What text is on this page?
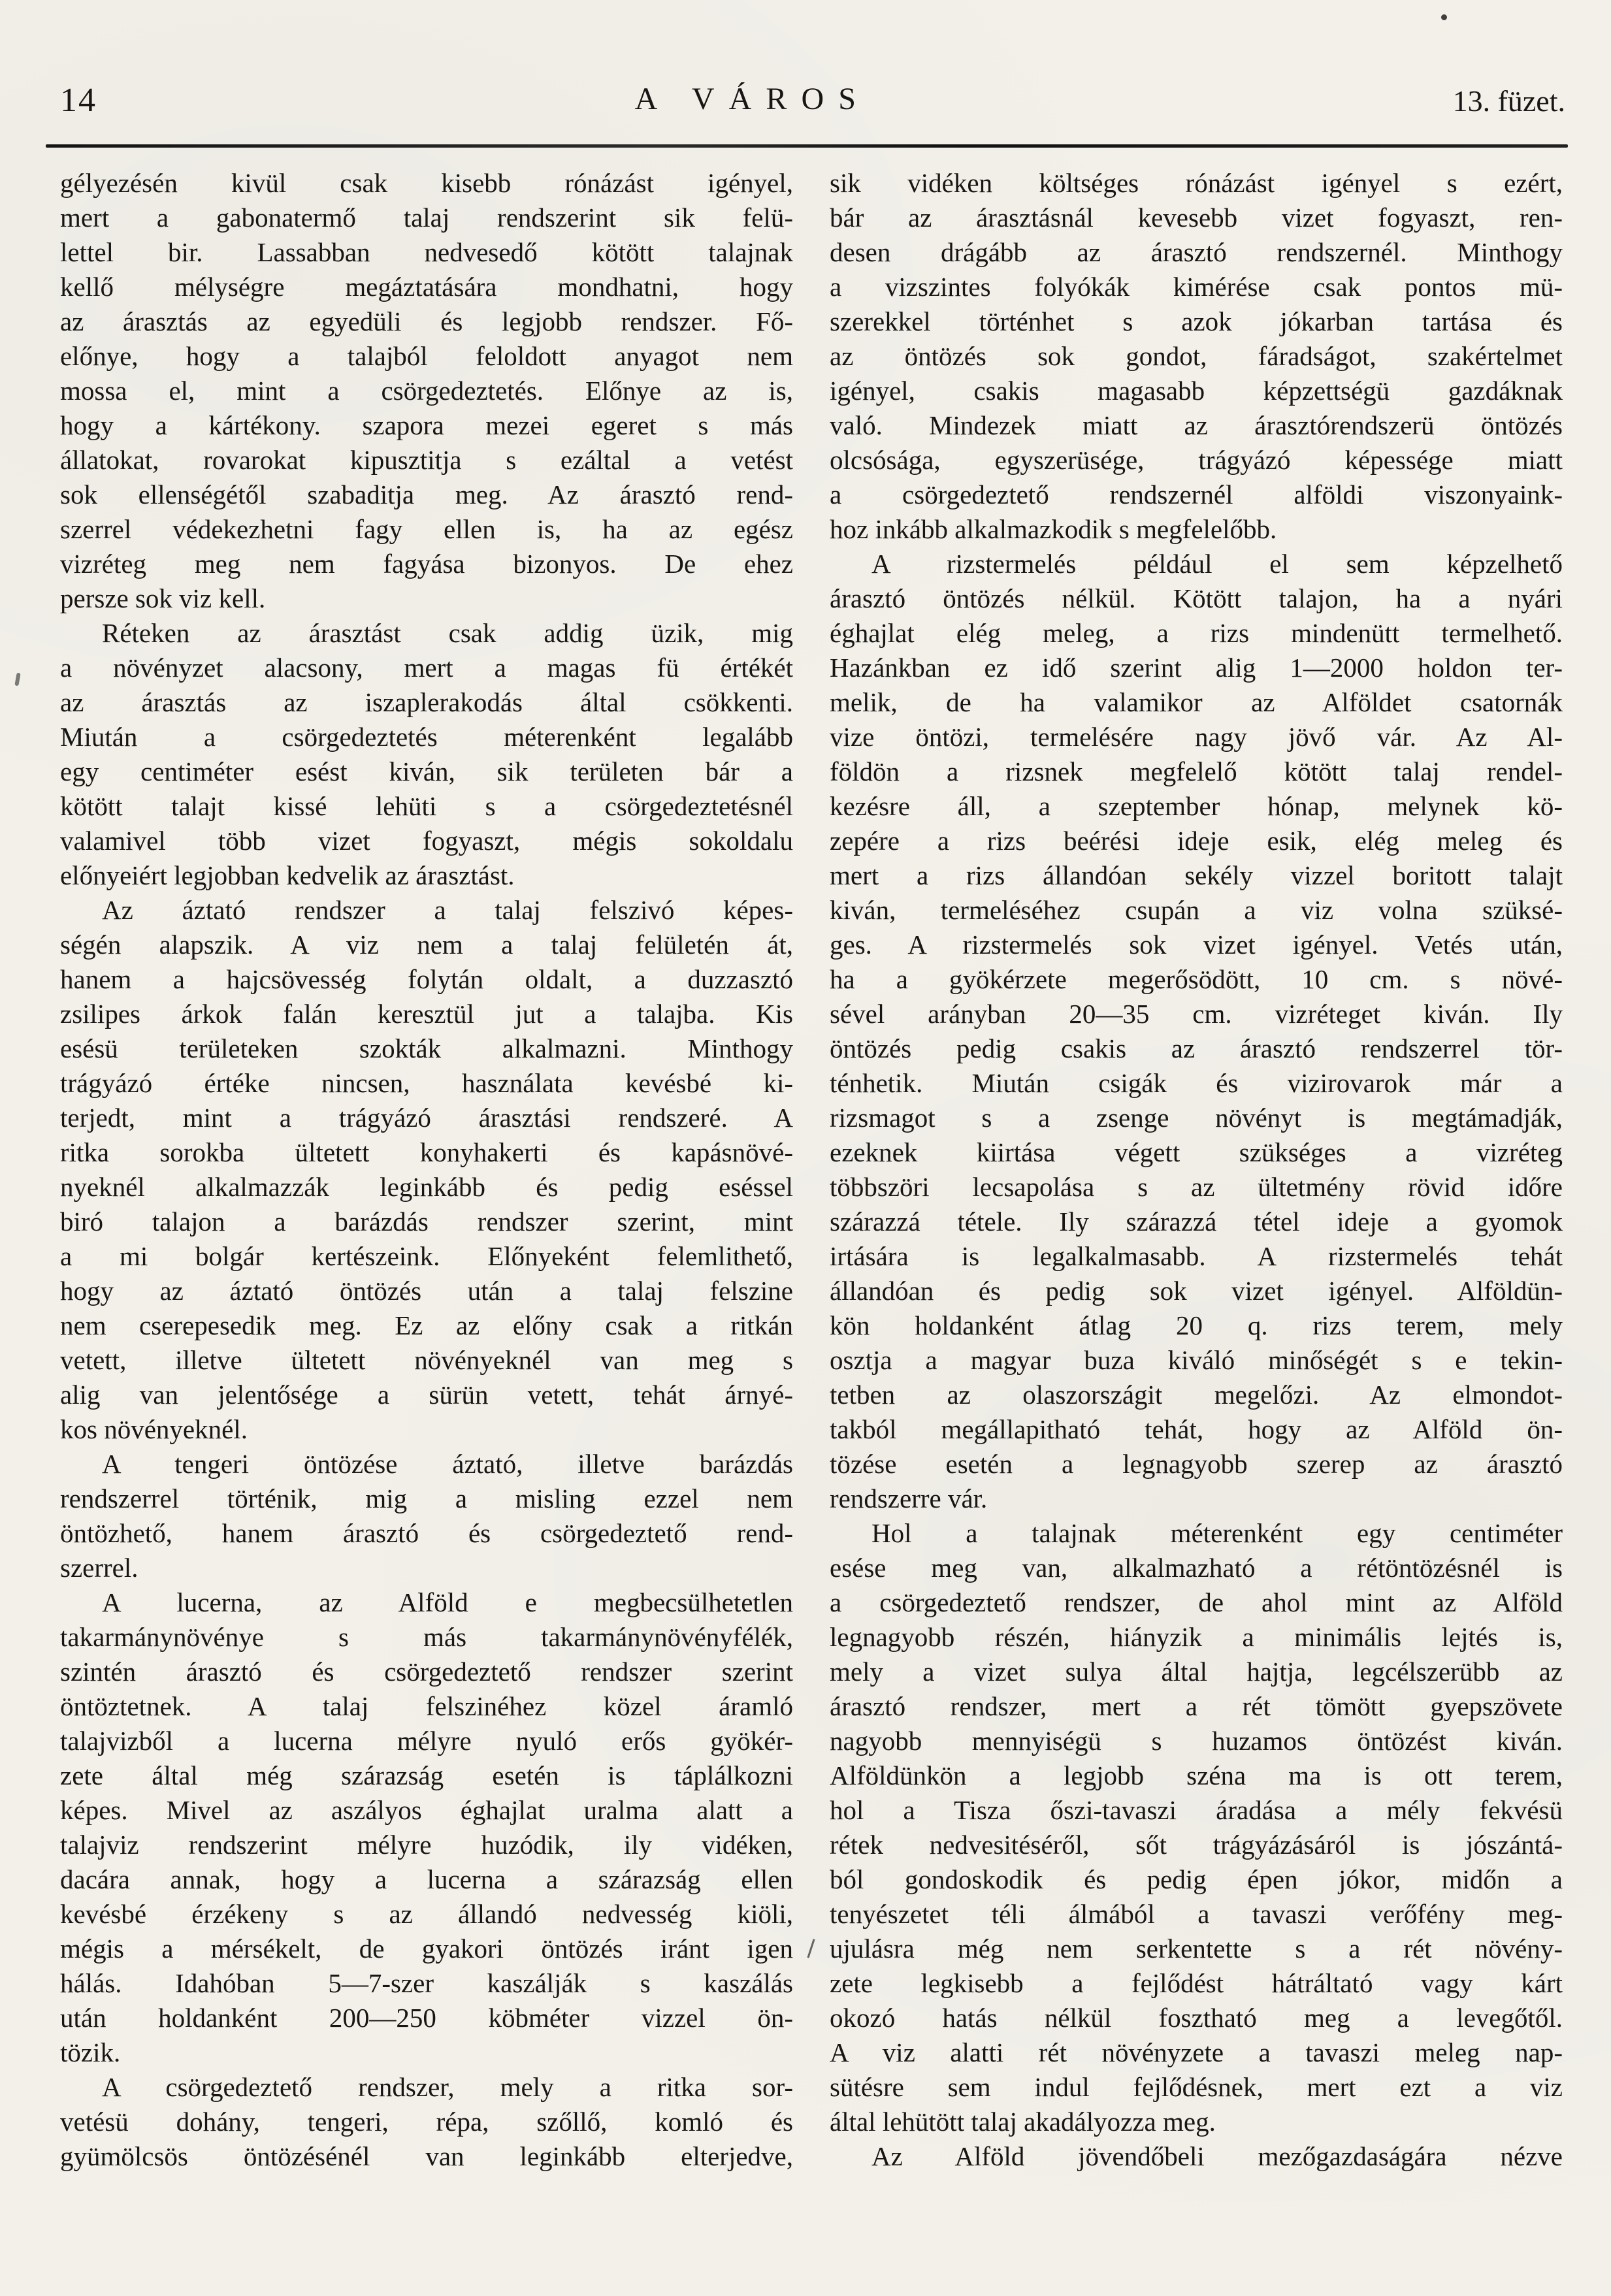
14	A VÁROS	13. füzet.

gélyezésén kivül csak kisebb rónázást igényel,
mert a gabonatermő talaj rendszerint sik felü-
lettel bir. Lassabban nedvesedő kötött talajnak
kellő mélységre megáztatására mondhatni, hogy
az árasztás az egyedüli és legjobb rendszer. Fő-
előnye, hogy a talajból feloldott anyagot nem
mossa el, mint a csörgedeztetés. Előnye az is,
hogy a kártékony. szapora mezei egeret s más
állatokat, rovarokat kipusztitja s ezáltal a vetést
sok ellenségétől szabaditja meg. Az árasztó rend-
szerrel védekezhetni fagy ellen is, ha az egész
vizréteg meg nem fagyása bizonyos. De ehez
persze sok viz kell.

Réteken az árasztást csak addig üzik, mig
a növényzet alacsony, mert a magas fü értékét
az árasztás az iszaplerakodás által csökkenti.
Miután a csörgedeztetés méterenként legalább
egy centiméter esést kiván, sik területen bár a
kötött talajt kissé lehüti s a csörgedeztetésnél
valamivel több vizet fogyaszt, mégis sokoldalu
előnyeiért legjobban kedvelik az árasztást.

Az áztató rendszer a talaj felszivó képes-
ségén alapszik. A viz nem a talaj felületén át,
hanem a hajcsövesség folytán oldalt, a duzzasztó
zsilipes árkok falán keresztül jut a talajba. Kis
esésü területeken szokták alkalmazni. Minthogy
trágyázó értéke nincsen, használata kevésbé ki-
terjedt, mint a trágyázó árasztási rendszeré. A
ritka sorokba ültetett konyhakerti és kapásnövé-
nyeknél alkalmazzák leginkább és pedig eséssel
biró talajon a barázdás rendszer szerint, mint
a mi bolgár kertészeink. Előnyeként felemlithető,
hogy az áztató öntözés után a talaj felszine
nem cserepesedik meg. Ez az előny csak a ritkán
vetett, illetve ültetett növényeknél van meg s
alig van jelentősége a sürün vetett, tehát árnyé-
kos növényeknél.

A tengeri öntözése áztató, illetve barázdás
rendszerrel történik, mig a misling ezzel nem
öntözhető, hanem árasztó és csörgedeztető rend-
szerrel.

A lucerna, az Alföld e megbecsülhetetlen
takarmánynövénye s más takarmánynövényfélék,
szintén árasztó és csörgedeztető rendszer szerint
öntöztetnek. A talaj felszinéhez közel áramló
talajvizből a lucerna mélyre nyuló erős gyökér-
zete által még szárazság esetén is táplálkozni
képes. Mivel az aszályos éghajlat uralma alatt a
talajviz rendszerint mélyre huzódik, ily vidéken,
dacára annak, hogy a lucerna a szárazság ellen
kevésbé érzékeny s az állandó nedvesség kiöli,
mégis a mérsékelt, de gyakori öntözés iránt igen
hálás. Idahóban 5—7-szer kaszálják s kaszálás
után holdanként 200—250 köbméter vizzel ön-
tözik.

A csörgedeztető rendszer, mely a ritka sor-
vetésü dohány, tengeri, répa, szőllő, komló és
gyümölcsös öntözésénél van leginkább elterjedve,

sik vidéken költséges rónázást igényel s ezért,
bár az árasztásnál kevesebb vizet fogyaszt, ren-
desen drágább az árasztó rendszernél. Minthogy
a vizszintes folyókák kimérése csak pontos mü-
szerekkel történhet s azok jókarban tartása és
az öntözés sok gondot, fáradságot, szakértelmet
igényel, csakis magasabb képzettségü gazdáknak
való. Mindezek miatt az árasztórendszerü öntözés
olcsósága, egyszerüsége, trágyázó képessége miatt
a csörgedeztető rendszernél alföldi viszonyaink-
hoz inkább alkalmazkodik s megfelelőbb.

A rizstermelés például el sem képzelhető
árasztó öntözés nélkül. Kötött talajon, ha a nyári
éghajlat elég meleg, a rizs mindenütt termelhető.
Hazánkban ez idő szerint alig 1—2000 holdon ter-
melik, de ha valamikor az Alföldet csatornák
vize öntözi, termelésére nagy jövő vár. Az Al-
földön a rizsnek megfelelő kötött talaj rendel-
kezésre áll, a szeptember hónap, melynek kö-
zepére a rizs beérési ideje esik, elég meleg és
mert a rizs állandóan sekély vizzel boritott talajt
kiván, termeléséhez csupán a viz volna szüksé-
ges. A rizstermelés sok vizet igényel. Vetés után,
ha a gyökérzete megerősödött, 10 cm. s növé-
sével arányban 20—35 cm. vizréteget kiván. Ily
öntözés pedig csakis az árasztó rendszerrel tör-
ténhetik. Miután csigák és vizirovarok már a
rizsmagot s a zsenge növényt is megtámadják,
ezeknek kiirtása végett szükséges a vizréteg
többszöri lecsapolása s az ültetmény rövid időre
szárazzá tétele. Ily szárazzá tétel ideje a gyomok
irtására is legalkalmasabb. A rizstermelés tehát
állandóan és pedig sok vizet igényel. Alföldün-
kön holdanként átlag 20 q. rizs terem, mely
osztja a magyar buza kiváló minőségét s e tekin-
tetben az olaszországit megelőzi. Az elmondot-
takból megállapitható tehát, hogy az Alföld ön-
tözése esetén a legnagyobb szerep az árasztó
rendszerre vár.

Hol a talajnak méterenként egy centiméter
esése meg van, alkalmazható a rétöntözésnél is
a csörgedeztető rendszer, de ahol mint az Alföld
legnagyobb részén, hiányzik a minimális lejtés is,
mely a vizet sulya által hajtja, legcélszerübb az
árasztó rendszer, mert a rét tömött gyepszövete
nagyobb mennyiségü s huzamos öntözést kiván.
Alföldünkön a legjobb széna ma is ott terem,
hol a Tisza őszi-tavaszi áradása a mély fekvésü
rétek nedvesitéséről, sőt trágyázásáról is jószántá-
ból gondoskodik és pedig épen jókor, midőn a
tenyészetet téli álmából a tavaszi verőfény meg-
ujulásra még nem serkentette s a rét növény-
zete legkisebb a fejlődést hátráltató vagy kárt
okozó hatás nélkül fosztható meg a levegőtől.
A viz alatti rét növényzete a tavaszi meleg nap-
sütésre sem indul fejlődésnek, mert ezt a viz
által lehütött talaj akadályozza meg.

Az Alföld jövendőbeli mezőgazdaságára nézve
